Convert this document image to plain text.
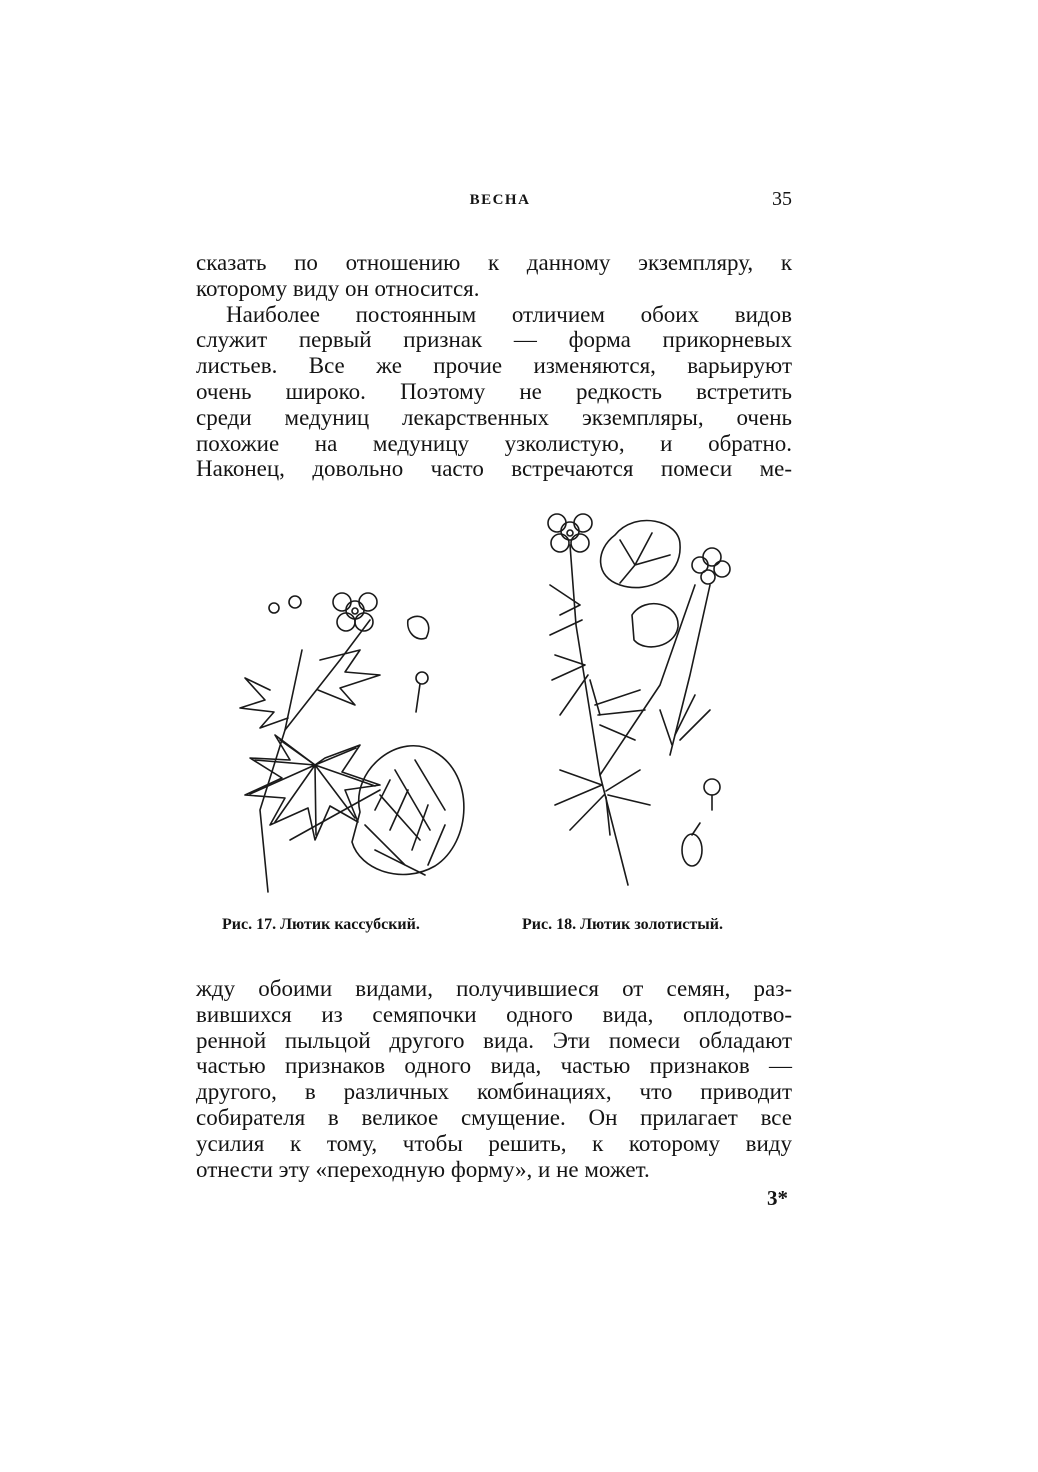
ВЕСНА	35
сказать по отношению к данному экземпляру, к
которому виду он относится.
Наиболее постоянным отличием обоих видов
служит первый признак — форма прикорневых
листьев. Все же прочие изменяются, варьируют
очень широко. Поэтому не редкость встретить
среди медуниц лекарственных экземпляры, очень
похожие на медуницу узколистую, и обратно.
Наконец, довольно часто встречаются помеси ме-
Рис. 17. Лютик кассубский.	Рис. 18. Лютик золотистый.
жду обоими видами, получившиеся от семян, раз-
вившихся из семяпочки одного вида, оплодотво-
ренной пыльцой другого вида. Эти помеси обладают
частью признаков одного вида, частью признаков —
другого, в различных комбинациях, что приводит
собирателя в великое смущение. Он прилагает все
усилия к тому, чтобы решить, к которому виду
отнести эту «переходную форму», и не может.
3*
